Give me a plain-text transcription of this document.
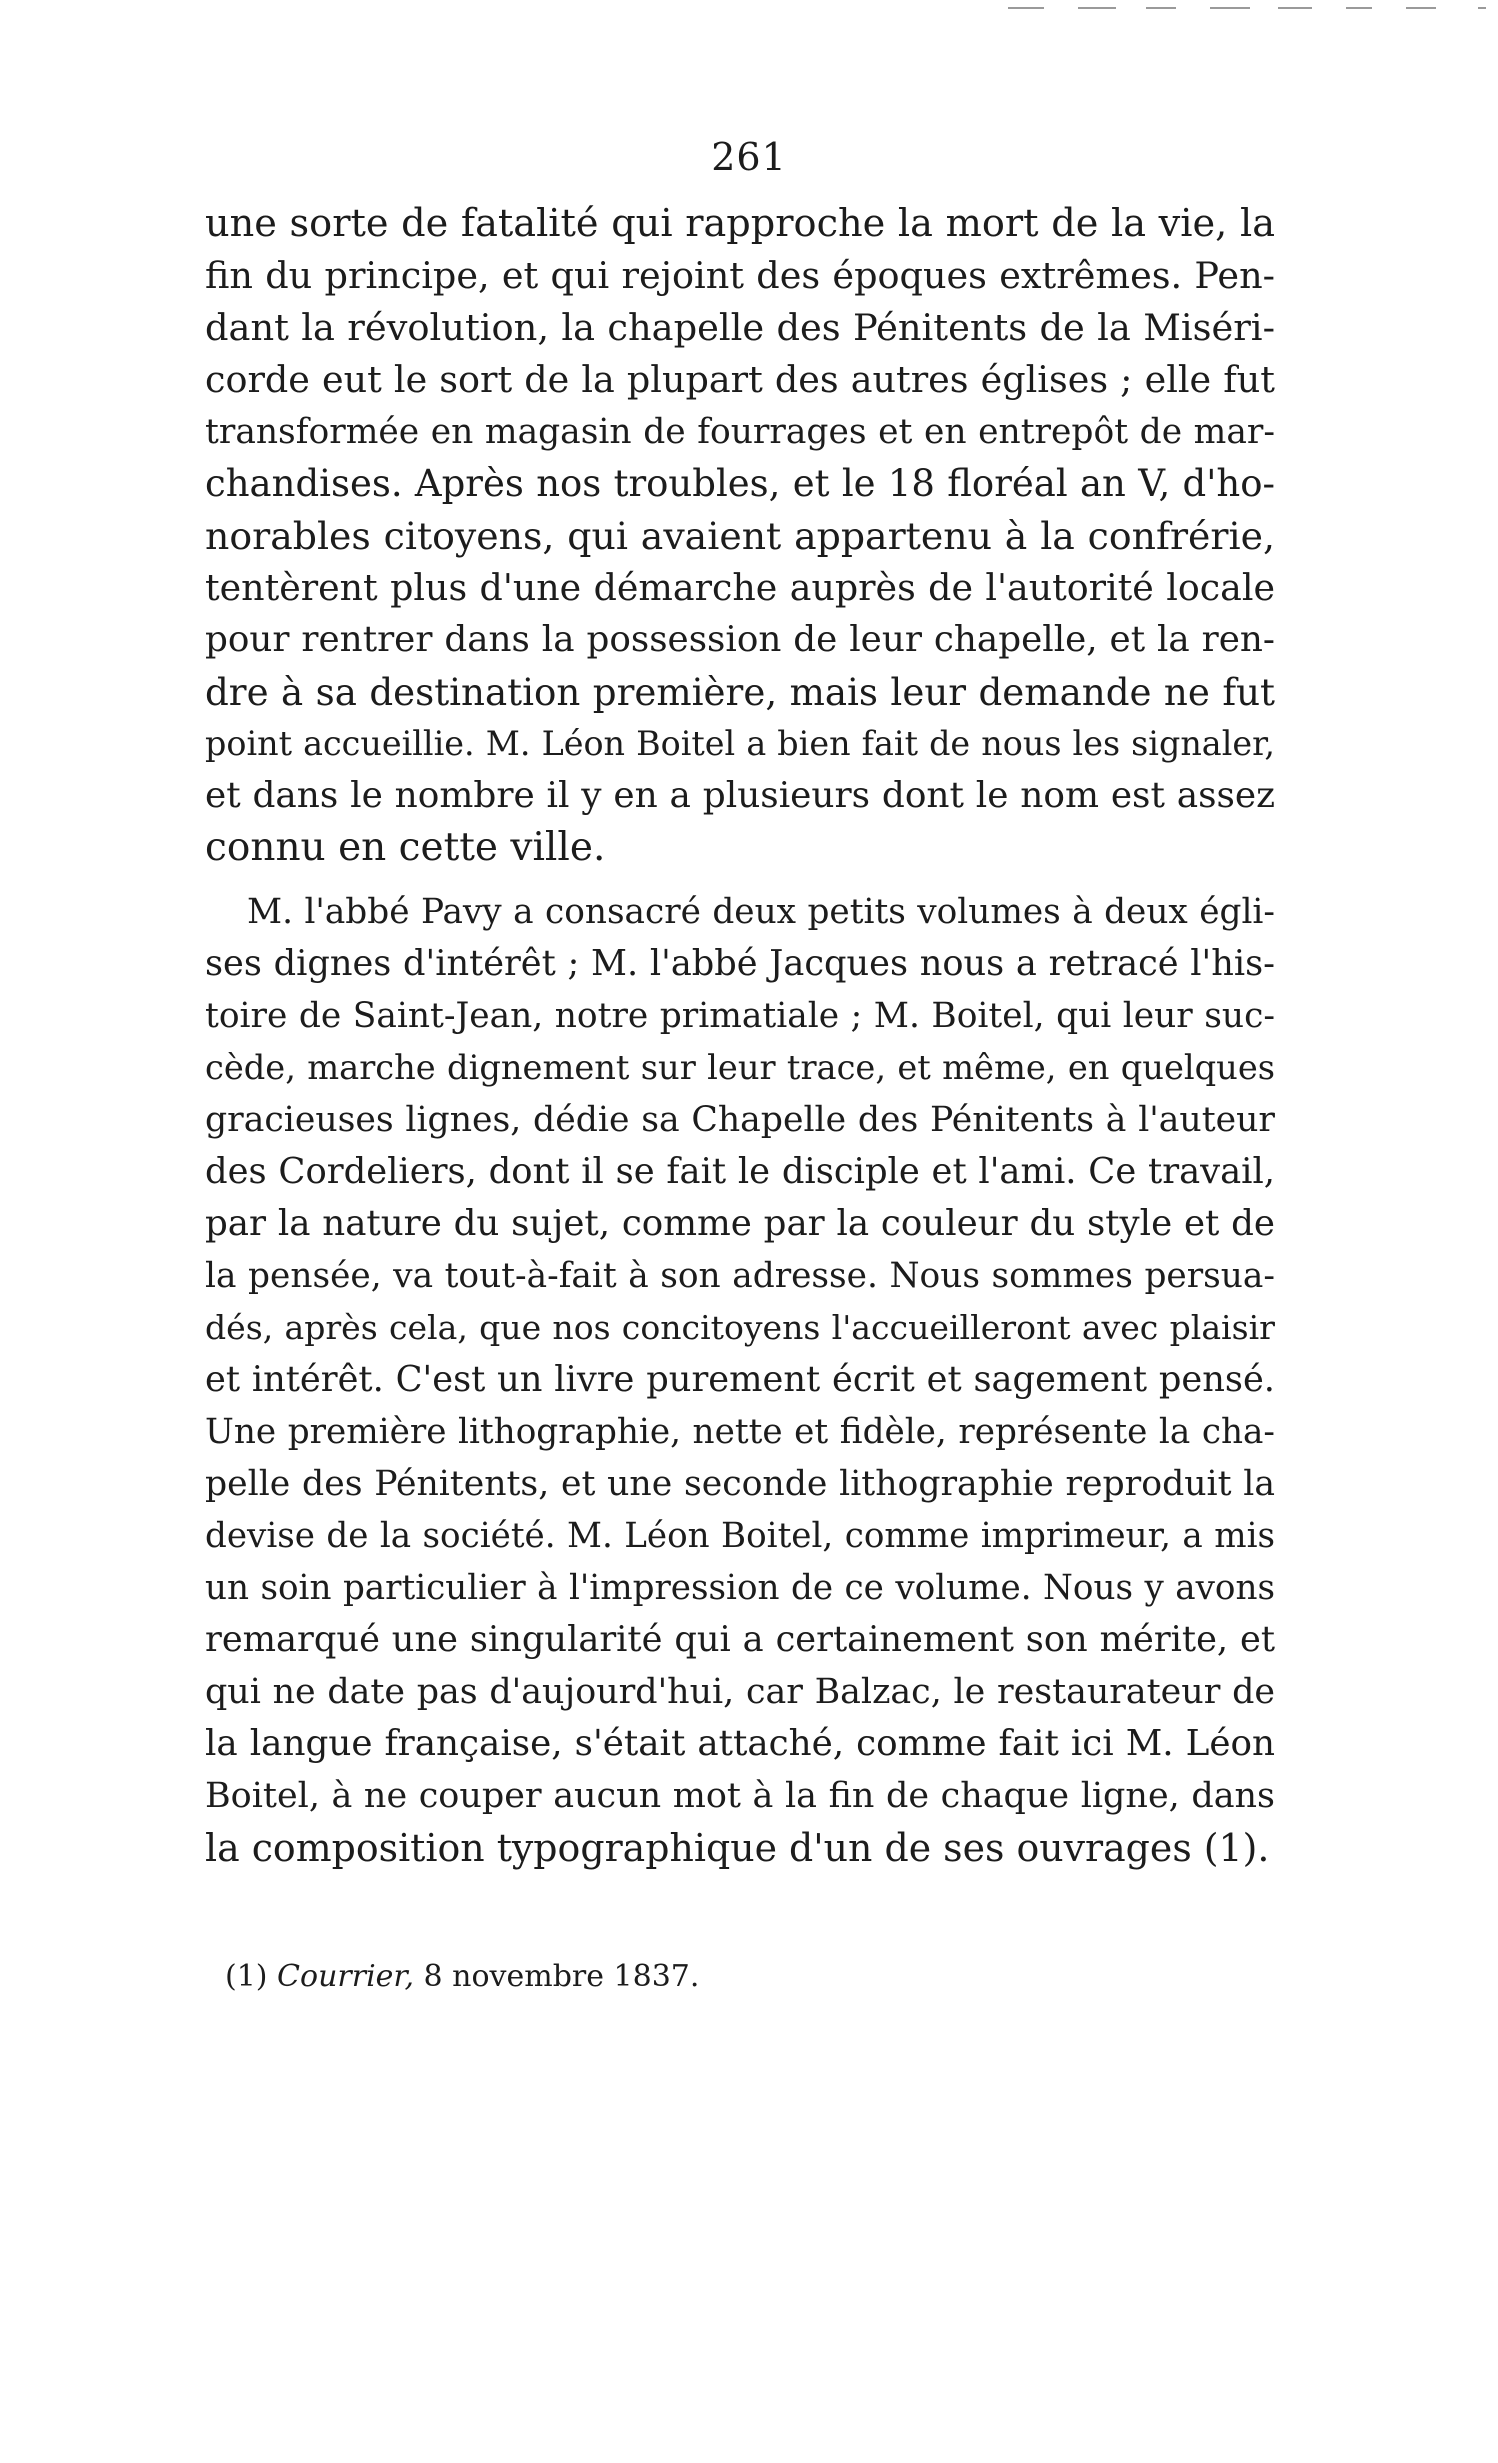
261
une sorte de fatalité qui rapproche la mort de la vie, la
fin du principe, et qui rejoint des époques extrêmes. Pen-
dant la révolution, la chapelle des Pénitents de la Miséri-
corde eut le sort de la plupart des autres églises ; elle fut
transformée en magasin de fourrages et en entrepôt de mar-
chandises. Après nos troubles, et le 18 floréal an V, d'ho-
norables citoyens, qui avaient appartenu à la confrérie,
tentèrent plus d'une démarche auprès de l'autorité locale
pour rentrer dans la possession de leur chapelle, et la ren-
dre à sa destination première, mais leur demande ne fut
point accueillie. M. Léon Boitel a bien fait de nous les signaler,
et dans le nombre il y en a plusieurs dont le nom est assez
connu en cette ville.
M. l'abbé Pavy a consacré deux petits volumes à deux égli-
ses dignes d'intérêt ; M. l'abbé Jacques nous a retracé l'his-
toire de Saint-Jean, notre primatiale ; M. Boitel, qui leur suc-
cède, marche dignement sur leur trace, et même, en quelques
gracieuses lignes, dédie sa Chapelle des Pénitents à l'auteur
des Cordeliers, dont il se fait le disciple et l'ami. Ce travail,
par la nature du sujet, comme par la couleur du style et de
la pensée, va tout-à-fait à son adresse. Nous sommes persua-
dés, après cela, que nos concitoyens l'accueilleront avec plaisir
et intérêt. C'est un livre purement écrit et sagement pensé.
Une première lithographie, nette et fidèle, représente la cha-
pelle des Pénitents, et une seconde lithographie reproduit la
devise de la société. M. Léon Boitel, comme imprimeur, a mis
un soin particulier à l'impression de ce volume. Nous y avons
remarqué une singularité qui a certainement son mérite, et
qui ne date pas d'aujourd'hui, car Balzac, le restaurateur de
la langue française, s'était attaché, comme fait ici M. Léon
Boitel, à ne couper aucun mot à la fin de chaque ligne, dans
la composition typographique d'un de ses ouvrages (1).
(1) Courrier, 8 novembre 1837.
